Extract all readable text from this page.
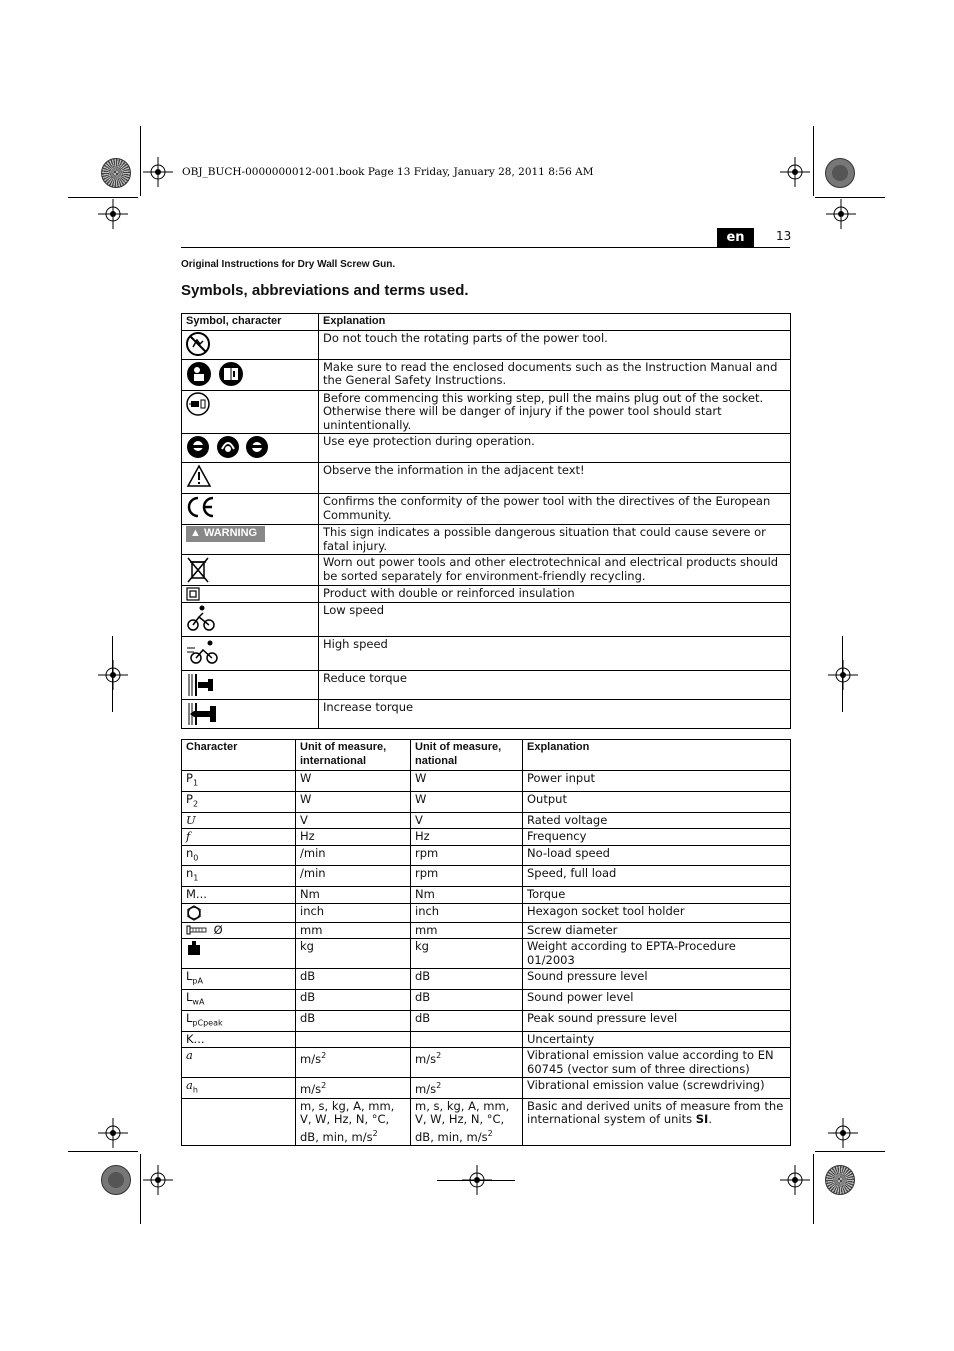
OBJ_BUCH-0000000012-001.book Page 13 Friday, January 28, 2011 8:56 AM
en	13
Original Instructions for Dry Wall Screw Gun.
Symbols, abbreviations and terms used.
Symbol, character	Explanation
	Do not touch the rotating parts of the power tool.
	Make sure to read the enclosed documents such as the Instruction Manual and the General Safety Instructions.
	Before commencing this working step, pull the mains plug out of the socket. Otherwise there will be danger of injury if the power tool should start unintentionally.
	Use eye protection during operation.
	Observe the information in the adjacent text!
	Confirms the conformity of the power tool with the directives of the European Community.
▲ WARNING	This sign indicates a possible dangerous situation that could cause severe or fatal injury.
	Worn out power tools and other electrotechnical and electrical products should be sorted separately for environment-friendly recycling.
	Product with double or reinforced insulation
	Low speed
	High speed
	Reduce torque
	Increase torque
Character	Unit of measure, international	Unit of measure, national	Explanation
$P_1$	W	W	Power input
$P_2$	W	W	Output
U	V	V	Rated voltage
f	Hz	Hz	Frequency
$n_0$	/min	rpm	No-load speed
$n_1$	/min	rpm	Speed, full load
M...	Nm	Nm	Torque
	inch	inch	Hexagon socket tool holder
Ø	mm	mm	Screw diameter
	kg	kg	Weight according to EPTA-Procedure 01/2003
$L_{pA}$	dB	dB	Sound pressure level
$L_{wA}$	dB	dB	Sound power level
$L_{pCpeak}$	dB	dB	Peak sound pressure level
K...			Uncertainty
a	$m/s^2$	$m/s^2$	Vibrational emission value according to EN 60745 (vector sum of three directions)
$a_h$	$m/s^2$	$m/s^2$	Vibrational emission value (screwdriving)
	m, s, kg, A, mm, V, W, Hz, N, °C, dB, min, $m/s^2$	m, s, kg, A, mm, V, W, Hz, N, °C, dB, min, $m/s^2$	Basic and derived units of measure from the international system of units SI.
